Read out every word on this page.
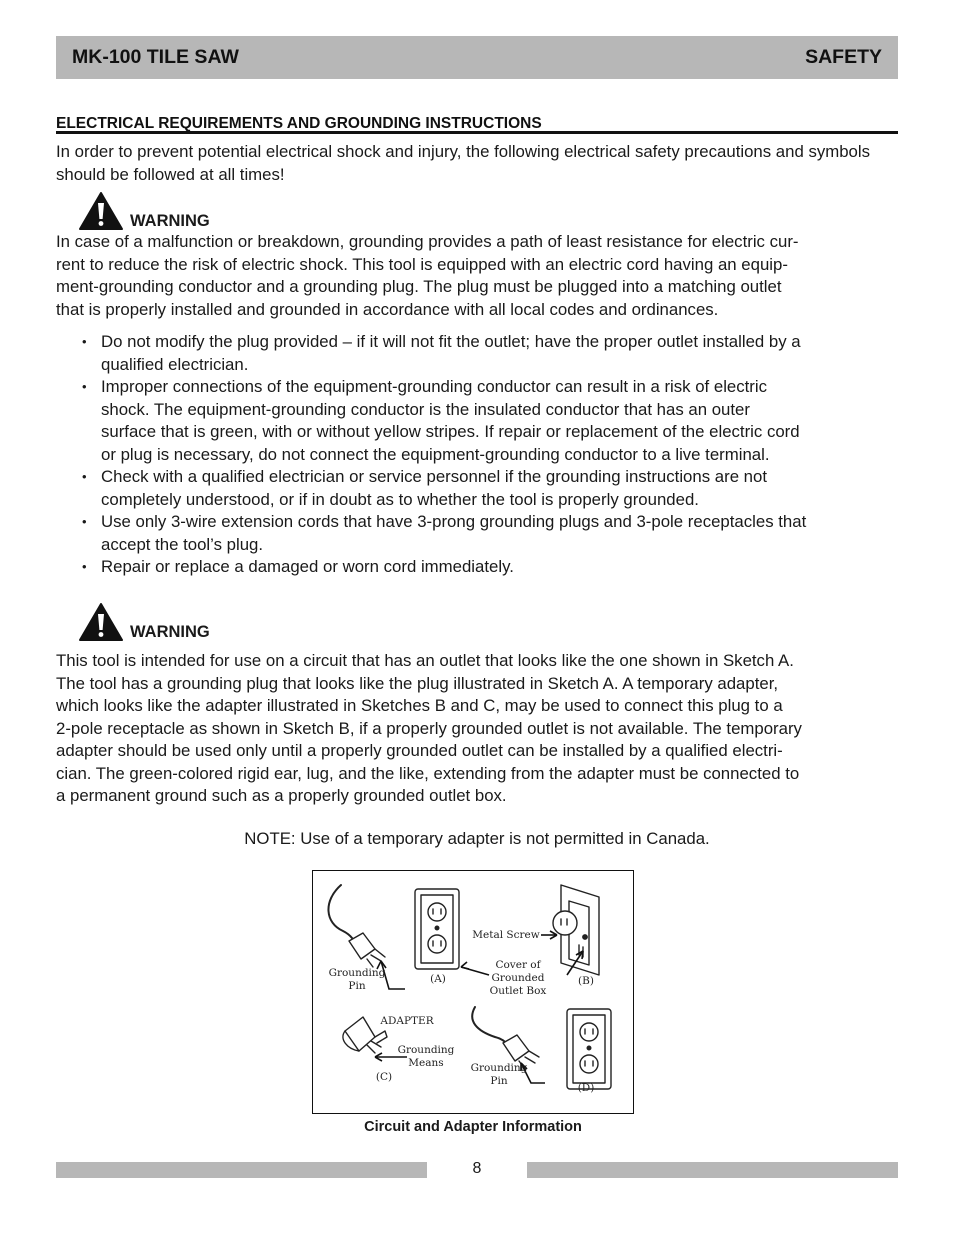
MK-100 TILE SAW	SAFETY
ELECTRICAL REQUIREMENTS AND GROUNDING INSTRUCTIONS

In order to prevent potential electrical shock and injury, the following electrical safety precautions and symbols should be followed at all times!

WARNING
In case of a malfunction or breakdown, grounding provides a path of least resistance for electric cur-
rent to reduce the risk of electric shock. This tool is equipped with an electric cord having an equip-
ment-grounding conductor and a grounding plug. The plug must be plugged into a matching outlet
that is properly installed and grounded in accordance with all local codes and ordinances.
• Do not modify the plug provided – if it will not fit the outlet; have the proper outlet installed by a
qualified electrician.
• Improper connections of the equipment-grounding conductor can result in a risk of electric
shock. The equipment-grounding conductor is the insulated conductor that has an outer
surface that is green, with or without yellow stripes. If repair or replacement of the electric cord
or plug is necessary, do not connect the equipment-grounding conductor to a live terminal.
• Check with a qualified electrician or service personnel if the grounding instructions are not
completely understood, or if in doubt as to whether the tool is properly grounded.
• Use only 3-wire extension cords that have 3-prong grounding plugs and 3-pole receptacles that
accept the tool’s plug.
• Repair or replace a damaged or worn cord immediately.
WARNING
This tool is intended for use on a circuit that has an outlet that looks like the one shown in Sketch A.
The tool has a grounding plug that looks like the plug illustrated in Sketch A. A temporary adapter,
which looks like the adapter illustrated in Sketches B and C, may be used to connect this plug to a
2-pole receptacle as shown in Sketch B, if a properly grounded outlet is not available. The temporary
adapter should be used only until a properly grounded outlet can be installed by a qualified electri-
cian. The green-colored rigid ear, lug, and the like, extending from the adapter must be connected to
a permanent ground such as a properly grounded outlet box.
NOTE: Use of a temporary adapter is not permitted in Canada.
Grounding
Pin
(A)
Metal Screw
Cover of
Grounded
Outlet Box
(B)
ADAPTER
Grounding
Means
(C)
Grounding
Pin
(D)
Circuit and Adapter Information
8
